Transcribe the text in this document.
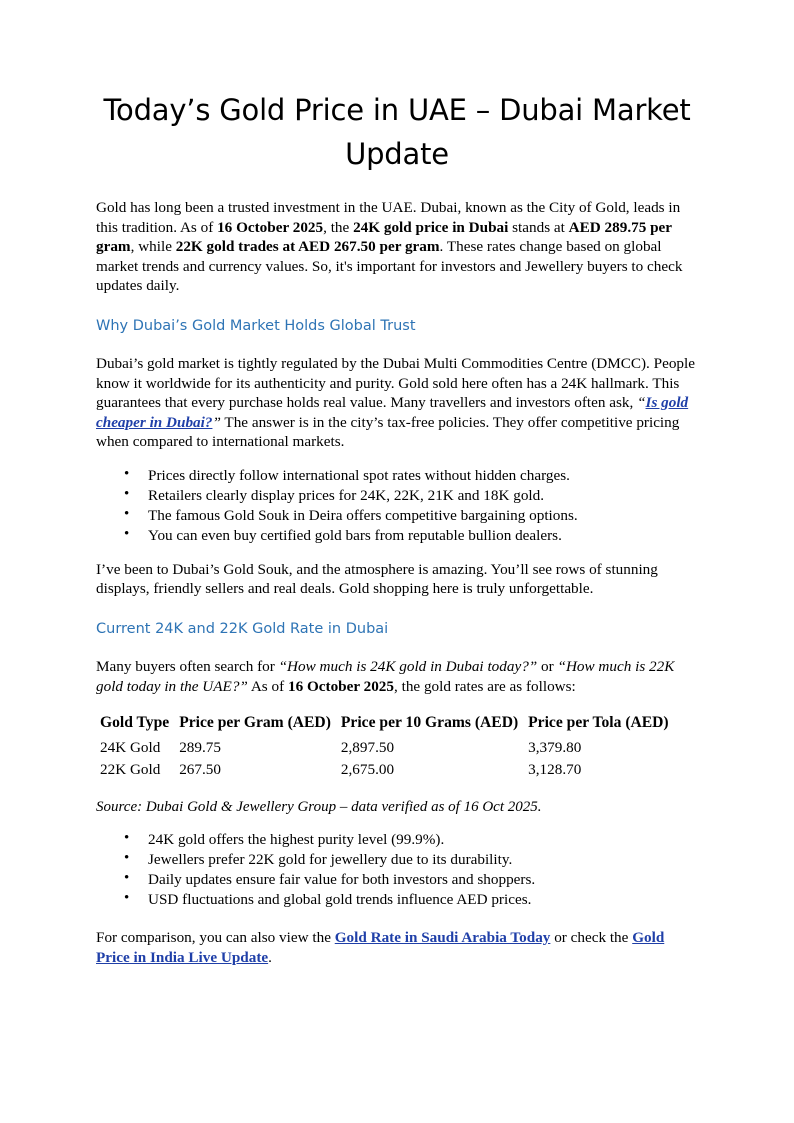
Today’s Gold Price in UAE – Dubai Market Update

Gold has long been a trusted investment in the UAE. Dubai, known as the City of Gold, leads in this tradition. As of 16 October 2025, the 24K gold price in Dubai stands at AED 289.75 per gram, while 22K gold trades at AED 267.50 per gram. These rates change based on global market trends and currency values. So, it's important for investors and Jewellery buyers to check updates daily.

Why Dubai’s Gold Market Holds Global Trust

Dubai’s gold market is tightly regulated by the Dubai Multi Commodities Centre (DMCC). People know it worldwide for its authenticity and purity. Gold sold here often has a 24K hallmark. This guarantees that every purchase holds real value. Many travellers and investors often ask, “Is gold cheaper in Dubai?” The answer is in the city’s tax-free policies. They offer competitive pricing when compared to international markets.

• Prices directly follow international spot rates without hidden charges.
• Retailers clearly display prices for 24K, 22K, 21K and 18K gold.
• The famous Gold Souk in Deira offers competitive bargaining options.
• You can even buy certified gold bars from reputable bullion dealers.

I’ve been to Dubai’s Gold Souk, and the atmosphere is amazing. You’ll see rows of stunning displays, friendly sellers and real deals. Gold shopping here is truly unforgettable.

Current 24K and 22K Gold Rate in Dubai

Many buyers often search for “How much is 24K gold in Dubai today?” or “How much is 22K gold today in the UAE?” As of 16 October 2025, the gold rates are as follows:

Gold Type	Price per Gram (AED)	Price per 10 Grams (AED)	Price per Tola (AED)
24K Gold	289.75	2,897.50	3,379.80
22K Gold	267.50	2,675.00	3,128.70

Source: Dubai Gold & Jewellery Group – data verified as of 16 Oct 2025.

• 24K gold offers the highest purity level (99.9%).
• Jewellers prefer 22K gold for jewellery due to its durability.
• Daily updates ensure fair value for both investors and shoppers.
• USD fluctuations and global gold trends influence AED prices.

For comparison, you can also view the Gold Rate in Saudi Arabia Today or check the Gold Price in India Live Update.
